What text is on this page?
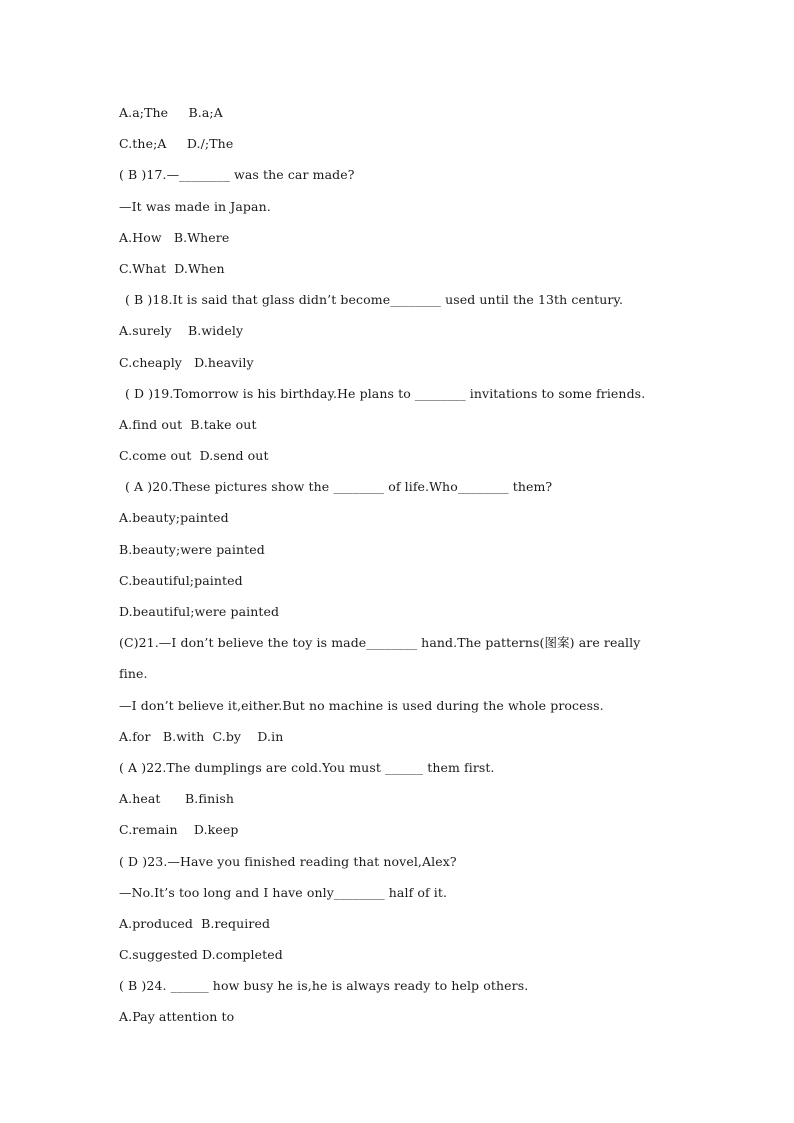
A.a;The     B.a;A
C.the;A     D./;The
( B )17.—________ was the car made?
—It was made in Japan.
A.How   B.Where
C.What  D.When
( B )18.It is said that glass didn’t become________ used until the 13th century.
A.surely    B.widely
C.cheaply   D.heavily
( D )19.Tomorrow is his birthday.He plans to ________ invitations to some friends.
A.find out  B.take out
C.come out  D.send out
( A )20.These pictures show the ________ of life.Who________ them?
A.beauty;painted
B.beauty;were painted
C.beautiful;painted
D.beautiful;were painted
(C)21.—I don’t believe the toy is made________ hand.The patterns(图案) are really
fine.
—I don’t believe it,either.But no machine is used during the whole process.
A.for   B.with  C.by    D.in
( A )22.The dumplings are cold.You must ______ them first.
A.heat      B.finish
C.remain    D.keep
( D )23.—Have you finished reading that novel,Alex?
—No.It’s too long and I have only________ half of it.
A.produced  B.required
C.suggested D.completed
( B )24. ______ how busy he is,he is always ready to help others.
A.Pay attention to
